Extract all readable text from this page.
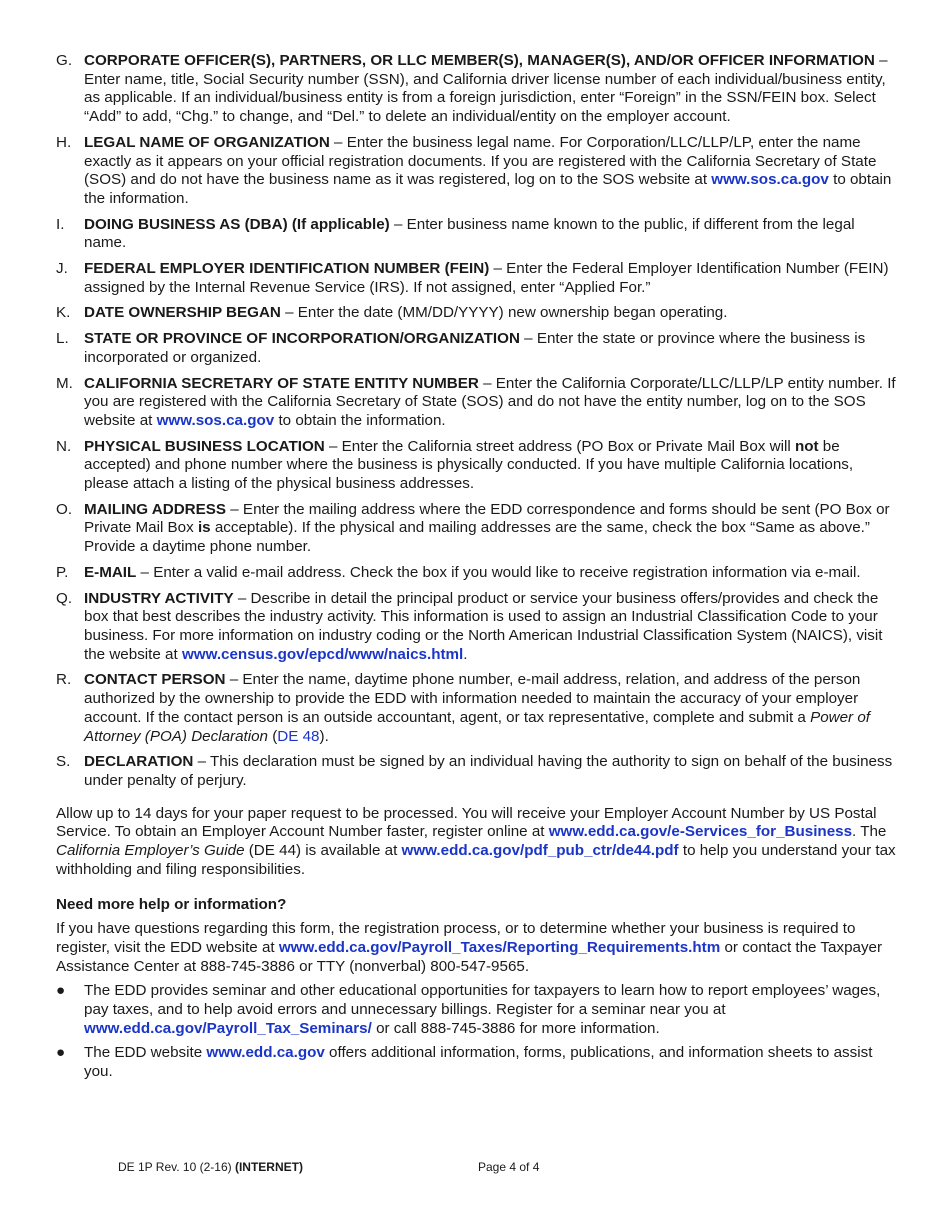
G. CORPORATE OFFICER(S), PARTNERS, OR LLC MEMBER(S), MANAGER(S), AND/OR OFFICER INFORMATION – Enter name, title, Social Security number (SSN), and California driver license number of each individual/business entity, as applicable. If an individual/business entity is from a foreign jurisdiction, enter “Foreign” in the SSN/FEIN box. Select “Add” to add, “Chg.” to change, and “Del.” to delete an individual/entity on the employer account.
H. LEGAL NAME OF ORGANIZATION – Enter the business legal name. For Corporation/LLC/LLP/LP, enter the name exactly as it appears on your official registration documents. If you are registered with the California Secretary of State (SOS) and do not have the business name as it was registered, log on to the SOS website at www.sos.ca.gov to obtain the information.
I.	DOING BUSINESS AS (DBA) (If applicable) – Enter business name known to the public, if different from the legal name.
J.	FEDERAL EMPLOYER IDENTIFICATION NUMBER (FEIN) – Enter the Federal Employer Identification Number (FEIN) assigned by the Internal Revenue Service (IRS). If not assigned, enter “Applied For.”
K. DATE OWNERSHIP BEGAN – Enter the date (MM/DD/YYYY) new ownership began operating.
L.	STATE OR PROVINCE OF INCORPORATION/ORGANIZATION – Enter the state or province where the business is incorporated or organized.
M. CALIFORNIA SECRETARY OF STATE ENTITY NUMBER – Enter the California Corporate/LLC/LLP/LP entity number. If you are registered with the California Secretary of State (SOS) and do not have the entity number, log on to the SOS website at www.sos.ca.gov to obtain the information.
N. PHYSICAL BUSINESS LOCATION – Enter the California street address (PO Box or Private Mail Box will not be accepted) and phone number where the business is physically conducted. If you have multiple California locations, please attach a listing of the physical business addresses.
O. MAILING ADDRESS – Enter the mailing address where the EDD correspondence and forms should be sent (PO Box or Private Mail Box is acceptable). If the physical and mailing addresses are the same, check the box “Same as above.” Provide a daytime phone number.
P.	E-MAIL – Enter a valid e-mail address. Check the box if you would like to receive registration information via e-mail.
Q. INDUSTRY ACTIVITY – Describe in detail the principal product or service your business offers/provides and check the box that best describes the industry activity. This information is used to assign an Industrial Classification Code to your business. For more information on industry coding or the North American Industrial Classification System (NAICS), visit the website at www.census.gov/epcd/www/naics.html.
R. CONTACT PERSON – Enter the name, daytime phone number, e-mail address, relation, and address of the person authorized by the ownership to provide the EDD with information needed to maintain the accuracy of your employer account. If the contact person is an outside accountant, agent, or tax representative, complete and submit a Power of Attorney (POA) Declaration (DE 48).
S. DECLARATION – This declaration must be signed by an individual having the authority to sign on behalf of the business under penalty of perjury.

Allow up to 14 days for your paper request to be processed. You will receive your Employer Account Number by US Postal Service. To obtain an Employer Account Number faster, register online at www.edd.ca.gov/e-Services_for_Business. The California Employer’s Guide (DE 44) is available at www.edd.ca.gov/pdf_pub_ctr/de44.pdf to help you understand your tax withholding and filing responsibilities.

Need more help or information?

If you have questions regarding this form, the registration process, or to determine whether your business is required to register, visit the EDD website at www.edd.ca.gov/Payroll_Taxes/Reporting_Requirements.htm or contact the Taxpayer Assistance Center at 888-745-3886 or TTY (nonverbal) 800-547-9565.

●	The EDD provides seminar and other educational opportunities for taxpayers to learn how to report employees’ wages, pay taxes, and to help avoid errors and unnecessary billings. Register for a seminar near you at www.edd.ca.gov/Payroll_Tax_Seminars/ or call 888-745-3886 for more information.
●	The EDD website www.edd.ca.gov offers additional information, forms, publications, and information sheets to assist you.
DE 1P Rev. 10 (2-16) (INTERNET)	Page 4 of 4
